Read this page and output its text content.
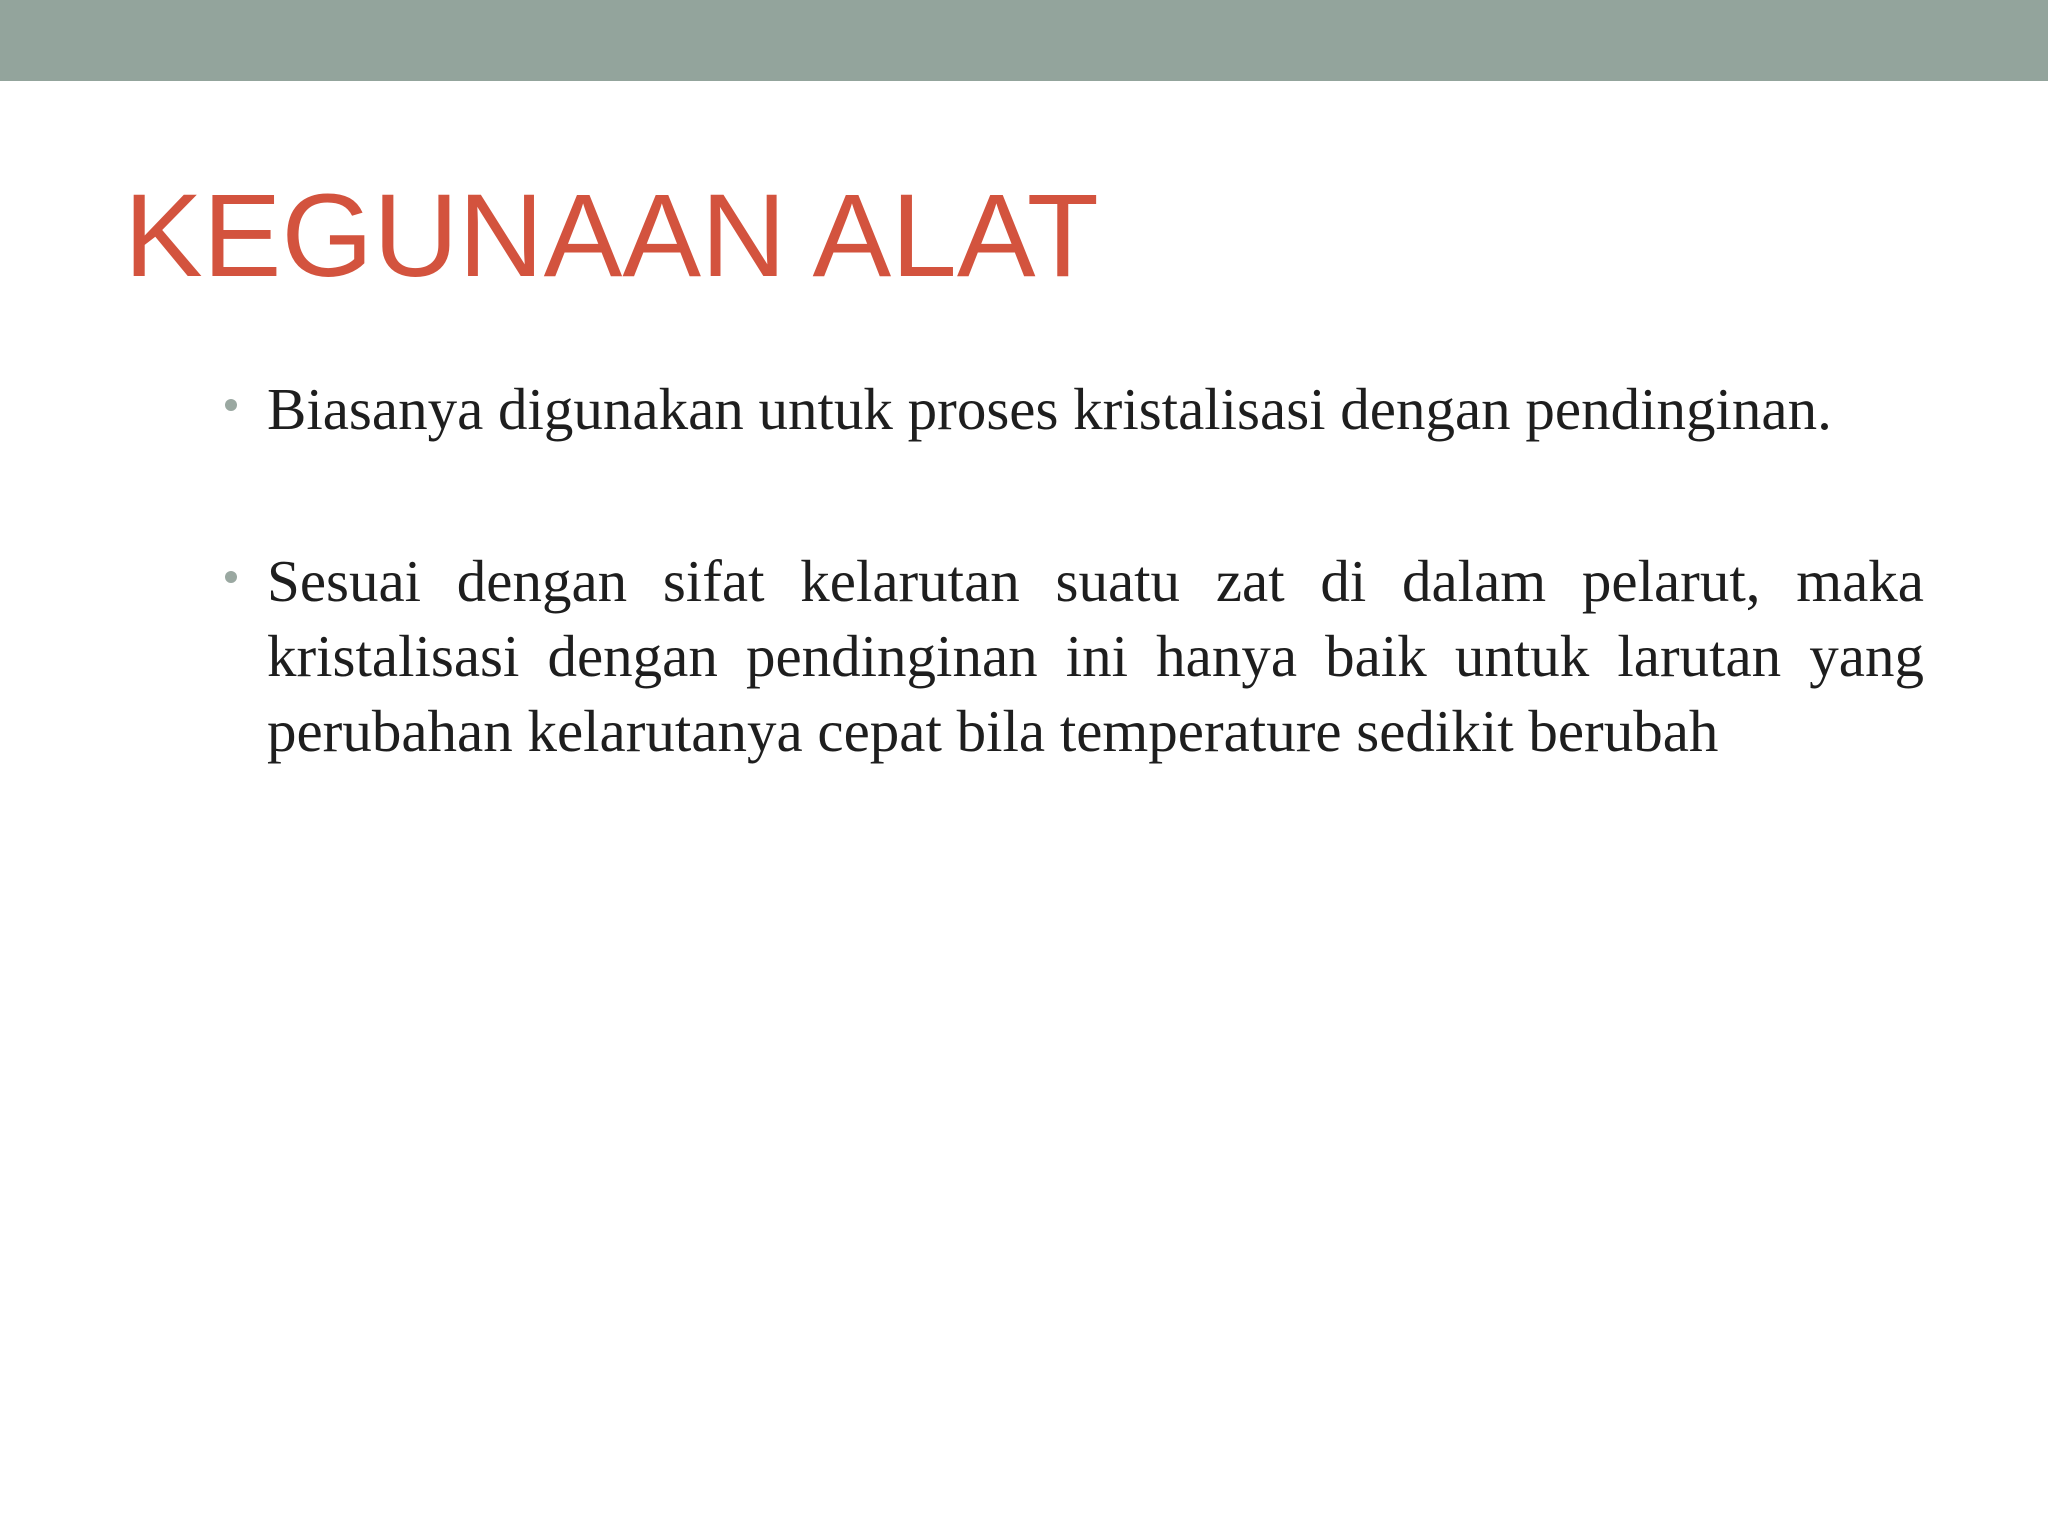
KEGUNAAN ALAT
Biasanya digunakan untuk proses kristalisasi dengan pendinginan.
Sesuai dengan sifat kelarutan suatu zat di dalam pelarut, maka kristalisasi dengan pendinginan ini hanya baik untuk larutan yang perubahan kelarutanya cepat bila temperature sedikit berubah
